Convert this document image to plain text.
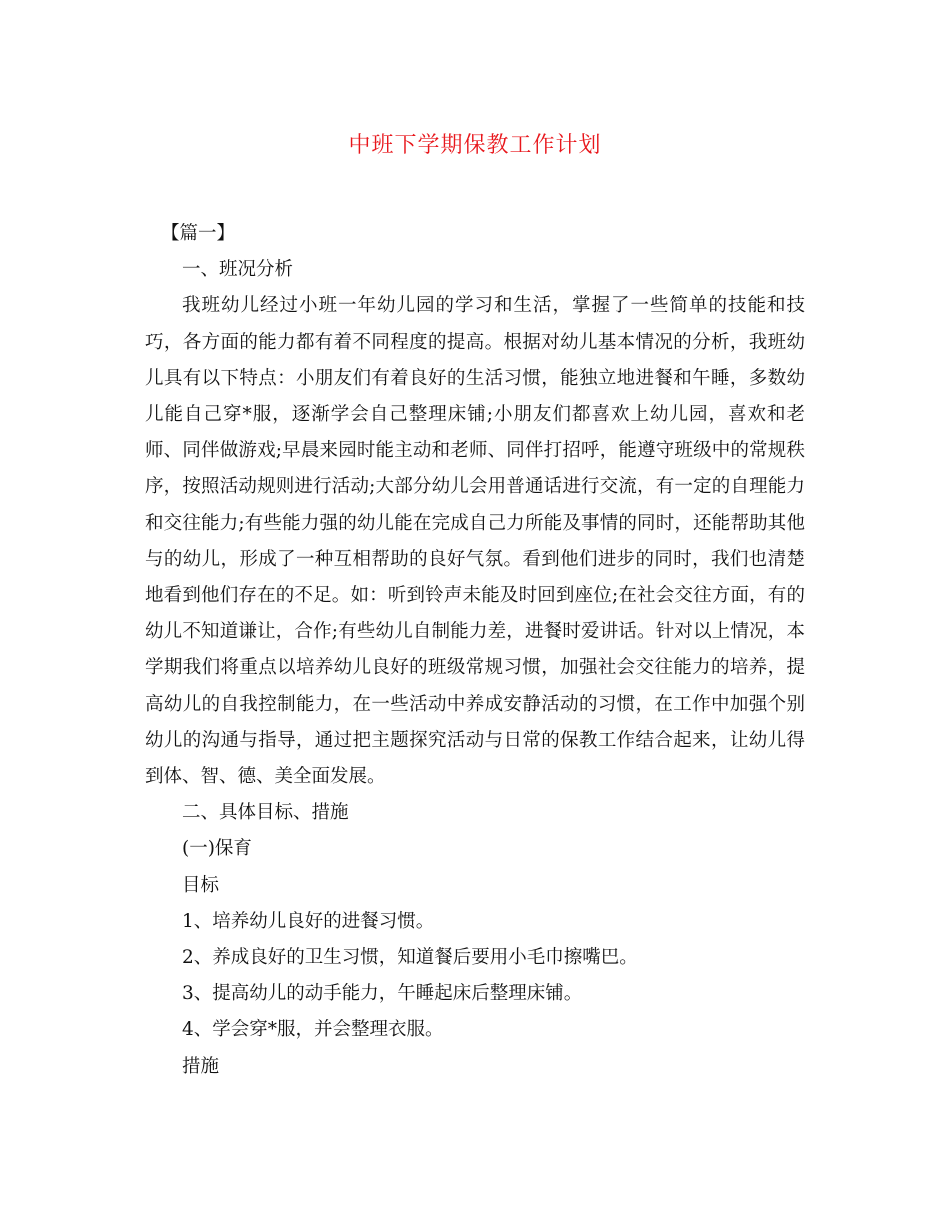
中班下学期保教工作计划

【篇一】

一、班况分析

我班幼儿经过小班一年幼儿园的学习和生活，掌握了一些简单的技能和技巧，各方面的能力都有着不同程度的提高。根据对幼儿基本情况的分析，我班幼儿具有以下特点：小朋友们有着良好的生活习惯，能独立地进餐和午睡，多数幼儿能自己穿*服，逐渐学会自己整理床铺;小朋友们都喜欢上幼儿园，喜欢和老师、同伴做游戏;早晨来园时能主动和老师、同伴打招呼，能遵守班级中的常规秩序，按照活动规则进行活动;大部分幼儿会用普通话进行交流，有一定的自理能力和交往能力;有些能力强的幼儿能在完成自己力所能及事情的同时，还能帮助其他与的幼儿，形成了一种互相帮助的良好气氛。看到他们进步的同时，我们也清楚地看到他们存在的不足。如：听到铃声未能及时回到座位;在社会交往方面，有的幼儿不知道谦让，合作;有些幼儿自制能力差，进餐时爱讲话。针对以上情况，本学期我们将重点以培养幼儿良好的班级常规习惯，加强社会交往能力的培养，提高幼儿的自我控制能力，在一些活动中养成安静活动的习惯，在工作中加强个别幼儿的沟通与指导，通过把主题探究活动与日常的保教工作结合起来，让幼儿得到体、智、德、美全面发展。

二、具体目标、措施

(一)保育

目标

1、培养幼儿良好的进餐习惯。

2、养成良好的卫生习惯，知道餐后要用小毛巾擦嘴巴。

3、提高幼儿的动手能力，午睡起床后整理床铺。

4、学会穿*服，并会整理衣服。

措施
